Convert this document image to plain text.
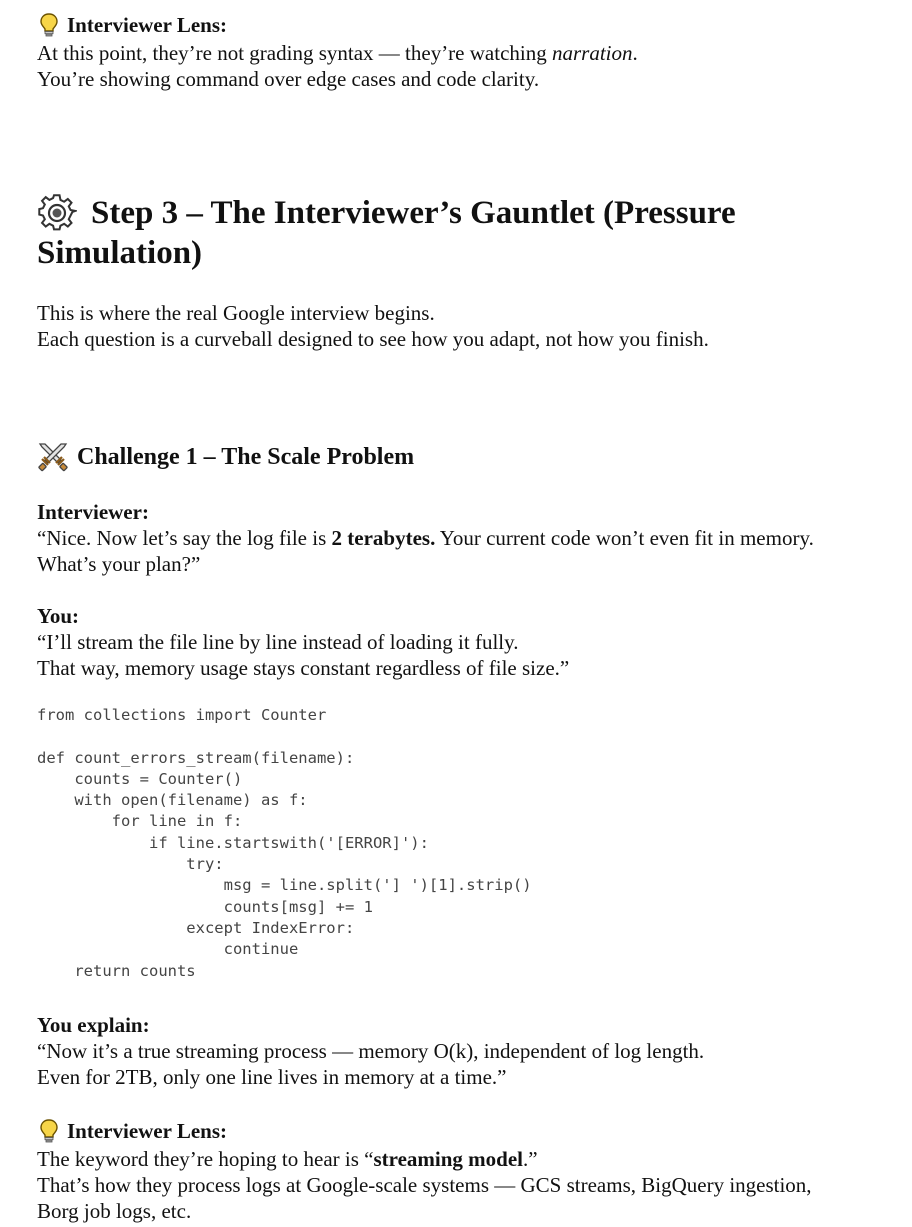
Interviewer Lens:
At this point, they’re not grading syntax — they’re watching narration.
You’re showing command over edge cases and code clarity.
Step 3 – The Interviewer’s Gauntlet (Pressure
Simulation)
This is where the real Google interview begins.
Each question is a curveball designed to see how you adapt, not how you finish.
Challenge 1 – The Scale Problem
Interviewer:
“Nice. Now let’s say the log file is 2 terabytes. Your current code won’t even fit in memory.
What’s your plan?”
You:
“I’ll stream the file line by line instead of loading it fully.
That way, memory usage stays constant regardless of file size.”
from collections import Counter

def count_errors_stream(filename):
counts = Counter()
with open(filename) as f:
for line in f:
if line.startswith('[ERROR]'):
try:
msg = line.split('] ')[1].strip()
counts[msg] += 1
except IndexError:
continue
return counts
You explain:
“Now it’s a true streaming process — memory O(k), independent of log length.
Even for 2TB, only one line lives in memory at a time.”
Interviewer Lens:
The keyword they’re hoping to hear is “streaming model.”
That’s how they process logs at Google-scale systems — GCS streams, BigQuery ingestion,
Borg job logs, etc.
